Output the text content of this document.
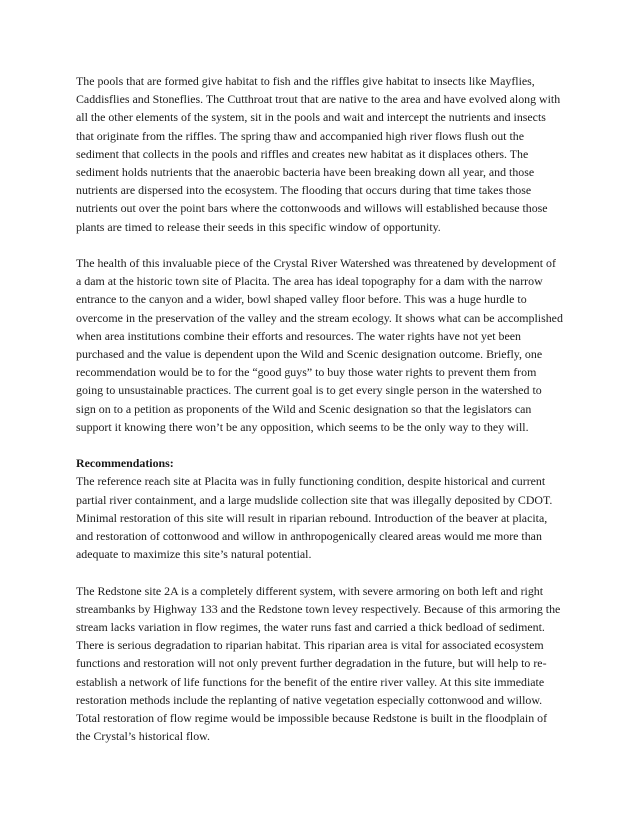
The pools that are formed give habitat to fish and the riffles give habitat to insects like Mayflies, Caddisflies and Stoneflies. The Cutthroat trout that are native to the area and have evolved along with all the other elements of the system, sit in the pools and wait and intercept the nutrients and insects that originate from the riffles. The spring thaw and accompanied high river flows flush out the sediment that collects in the pools and riffles and creates new habitat as it displaces others. The sediment holds nutrients that the anaerobic bacteria have been breaking down all year, and those nutrients are dispersed into the ecosystem. The flooding that occurs during that time takes those nutrients out over the point bars where the cottonwoods and willows will established because those plants are timed to release their seeds in this specific window of opportunity.

The health of this invaluable piece of the Crystal River Watershed was threatened by development of a dam at the historic town site of Placita. The area has ideal topography for a dam with the narrow entrance to the canyon and a wider, bowl shaped valley floor before. This was a huge hurdle to overcome in the preservation of the valley and the stream ecology. It shows what can be accomplished when area institutions combine their efforts and resources. The water rights have not yet been purchased and the value is dependent upon the Wild and Scenic designation outcome. Briefly, one recommendation would be to for the “good guys” to buy those water rights to prevent them from going to unsustainable practices. The current goal is to get every single person in the watershed to sign on to a petition as proponents of the Wild and Scenic designation so that the legislators can support it knowing there won’t be any opposition, which seems to be the only way to they will.

Recommendations:

The reference reach site at Placita was in fully functioning condition, despite historical and current partial river containment, and a large mudslide collection site that was illegally deposited by CDOT. Minimal restoration of this site will result in riparian rebound. Introduction of the beaver at placita, and restoration of cottonwood and willow in anthropogenically cleared areas would me more than adequate to maximize this site’s natural potential.

The Redstone site 2A is a completely different system, with severe armoring on both left and right streambanks by Highway 133 and the Redstone town levey respectively. Because of this armoring the stream lacks variation in flow regimes, the water runs fast and carried a thick bedload of sediment. There is serious degradation to riparian habitat. This riparian area is vital for associated ecosystem functions and restoration will not only prevent further degradation in the future, but will help to re-establish a network of life functions for the benefit of the entire river valley. At this site immediate restoration methods include the replanting of native vegetation especially cottonwood and willow. Total restoration of flow regime would be impossible because Redstone is built in the floodplain of the Crystal’s historical flow.
